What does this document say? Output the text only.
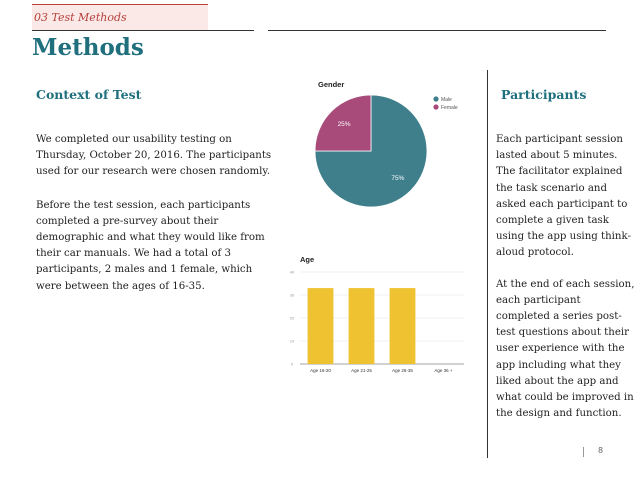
03 Test Methods
Methods
Context of Test

We completed our usability testing on Thursday, October 20, 2016. The participants used for our research were chosen randomly.

Before the test session, each participants completed a pre-survey about their demographic and what they would like from their car manuals. We had a total of 3 participants, 2 males and 1 female, which were between the ages of 16-35.

Gender
75%
25%
Male
Female
Age
0
10
20
30
40
Age 16-20	Age 21-25	Age 26-35	Age 36 +
Participants

Each participant session lasted about 5 minutes. The facilitator explained the task scenario and asked each participant to complete a given task using the app using think-aloud protocol.

At the end of each session, each participant completed a series post-test questions about their user experience with the app including what they liked about the app and what could be improved in the design and function.

8
